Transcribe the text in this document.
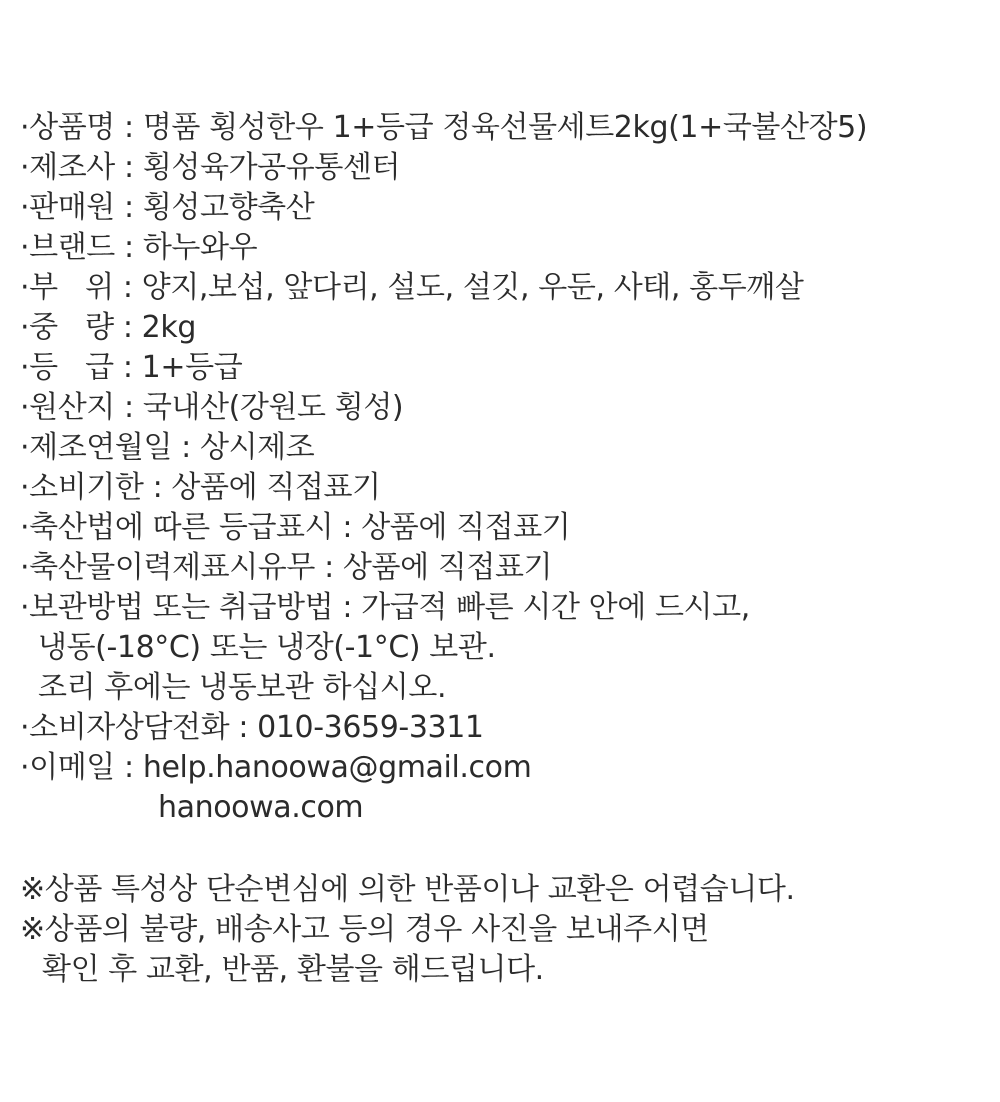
·상품명 : 명품 횡성한우 1+등급 정육선물세트2kg(1+국불산장5)
·제조사 : 횡성육가공유통센터
·판매원 : 횡성고향축산
·브랜드 : 하누와우
·부   위 : 양지,보섭, 앞다리, 설도, 설깃, 우둔, 사태, 홍두깨살
·중   량 : 2kg
·등   급 : 1+등급
·원산지 : 국내산(강원도 횡성)
·제조연월일 : 상시제조
·소비기한 : 상품에 직접표기
·축산법에 따른 등급표시 : 상품에 직접표기
·축산물이력제표시유무 : 상품에 직접표기
·보관방법 또는 취급방법 : 가급적 빠른 시간 안에 드시고,
냉동(-18°C) 또는 냉장(-1°C) 보관.
조리 후에는 냉동보관 하십시오.
·소비자상담전화 : 010-3659-3311
·이메일 : help.hanoowa@gmail.com
hanoowa.com
※상품 특성상 단순변심에 의한 반품이나 교환은 어렵습니다.
※상품의 불량, 배송사고 등의 경우 사진을 보내주시면
확인 후 교환, 반품, 환불을 해드립니다.
